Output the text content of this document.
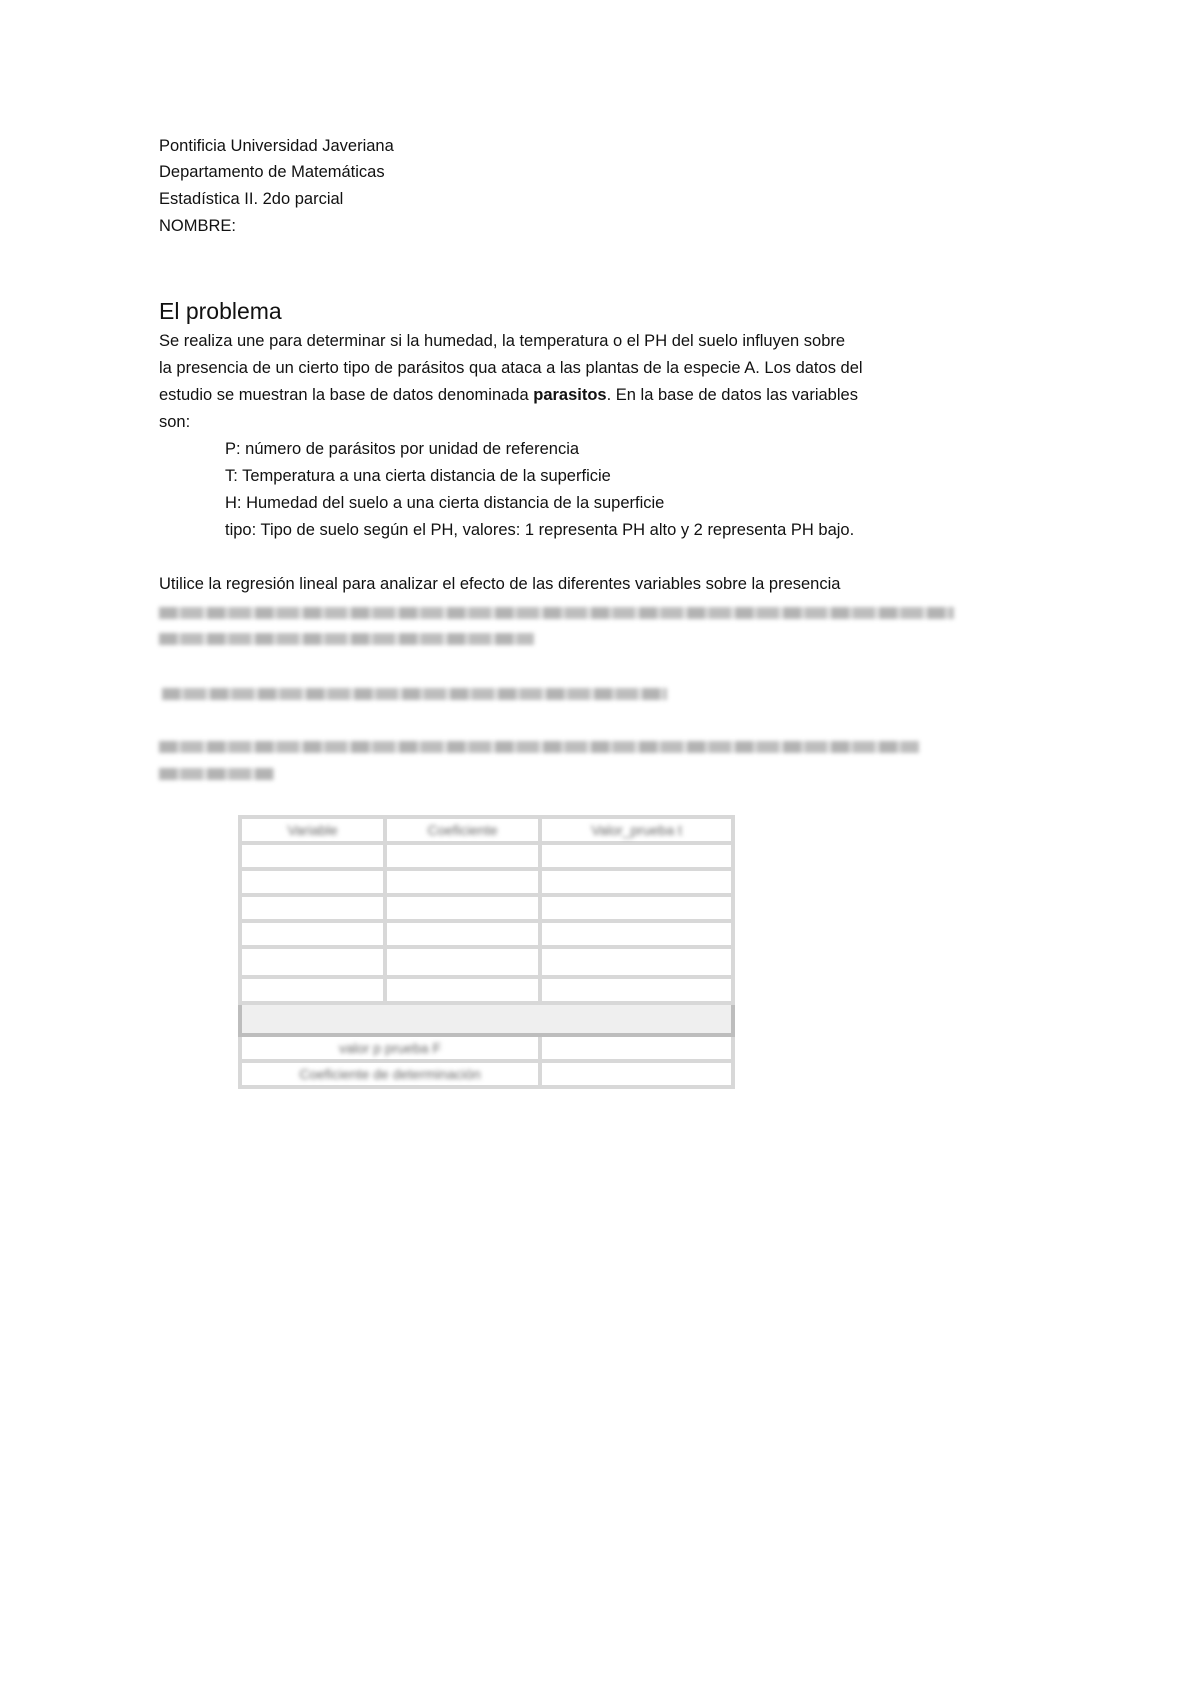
Pontificia Universidad Javeriana
Departamento de Matemáticas
Estadística II. 2do parcial
NOMBRE:
El problema
Se realiza une para determinar si la humedad, la temperatura o el PH del suelo influyen sobre
la presencia de un cierto tipo de parásitos qua ataca a las plantas de la especie A. Los datos del
estudio se muestran la base de datos denominada parasitos. En la base de datos las variables
son:
P: número de parásitos por unidad de referencia
T: Temperatura a una cierta distancia de la superficie
H: Humedad del suelo a una cierta distancia de la superficie
tipo: Tipo de suelo según el PH, valores: 1 representa PH alto y 2 representa PH bajo.
Utilice la regresión lineal para analizar el efecto de las diferentes variables sobre la presencia
Variable	Coeficiente	Valor_prueba t

valor p prueba F		
Coeficiente de determinación		
